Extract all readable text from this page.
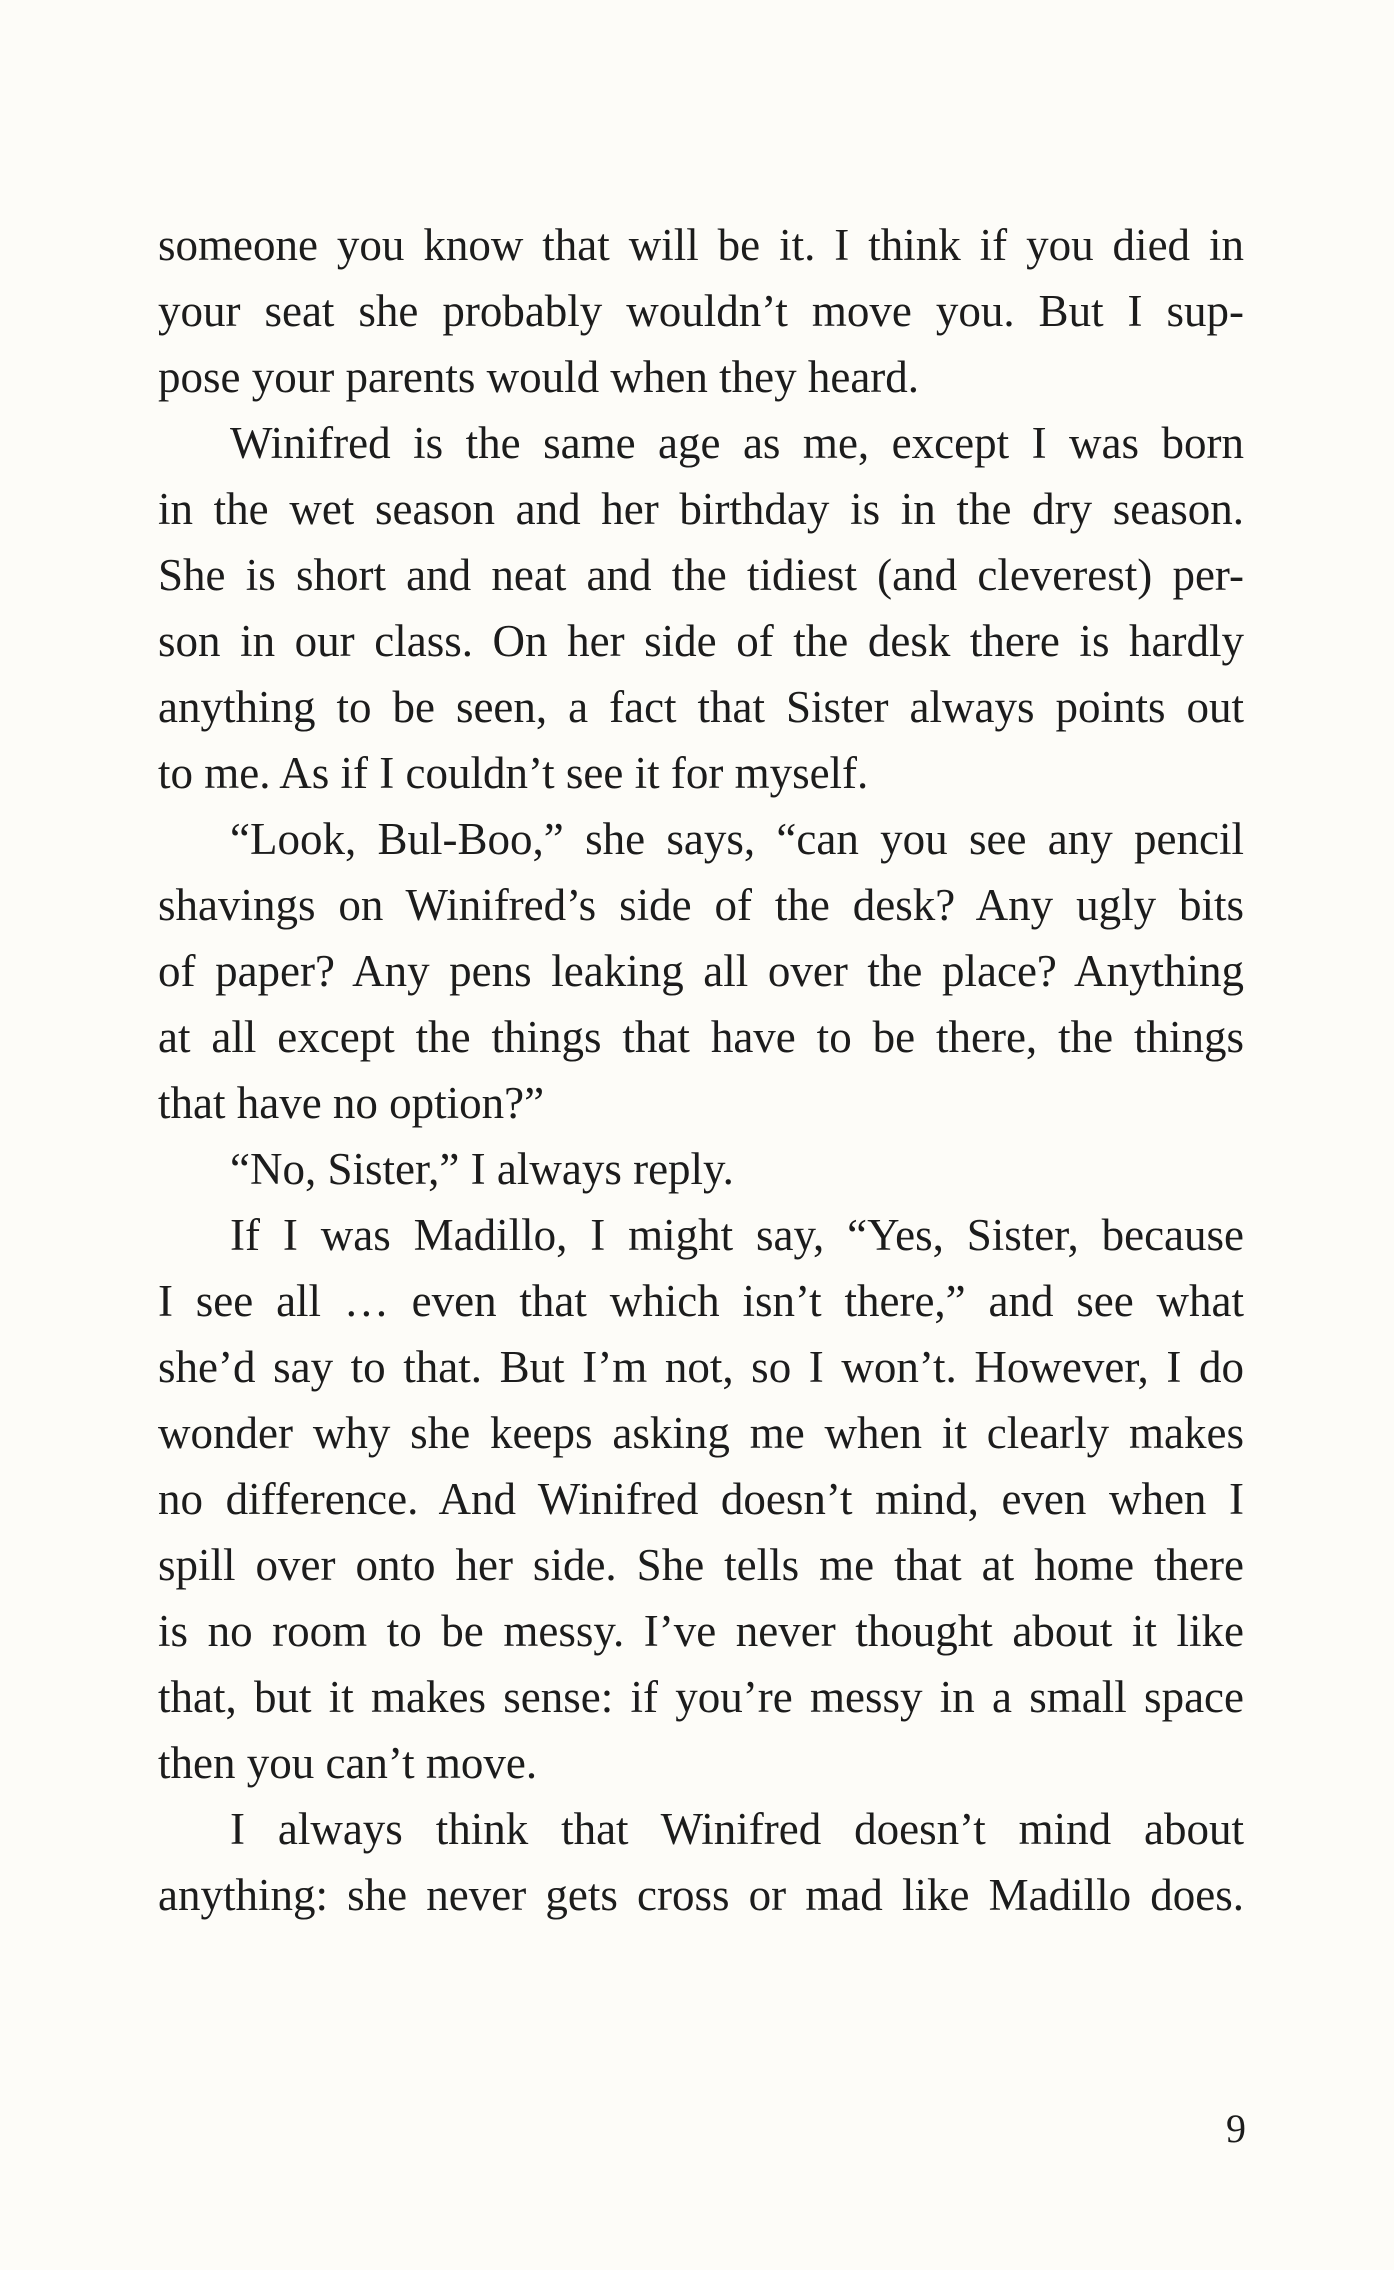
someone you know that will be it. I think if you died in
your seat she probably wouldn’t move you. But I sup-
pose your parents would when they heard.
Winifred is the same age as me, except I was born
in the wet season and her birthday is in the dry season.
She is short and neat and the tidiest (and cleverest) per-
son in our class. On her side of the desk there is hardly
anything to be seen, a fact that Sister always points out
to me. As if I couldn’t see it for myself.
“Look, Bul-Boo,” she says, “can you see any pencil
shavings on Winifred’s side of the desk? Any ugly bits
of paper? Any pens leaking all over the place? Anything
at all except the things that have to be there, the things
that have no option?”
“No, Sister,” I always reply.
If I was Madillo, I might say, “Yes, Sister, because
I see all … even that which isn’t there,” and see what
she’d say to that. But I’m not, so I won’t. However, I do
wonder why she keeps asking me when it clearly makes
no difference. And Winifred doesn’t mind, even when I
spill over onto her side. She tells me that at home there
is no room to be messy. I’ve never thought about it like
that, but it makes sense: if you’re messy in a small space
then you can’t move.
I always think that Winifred doesn’t mind about
anything: she never gets cross or mad like Madillo does.
9
